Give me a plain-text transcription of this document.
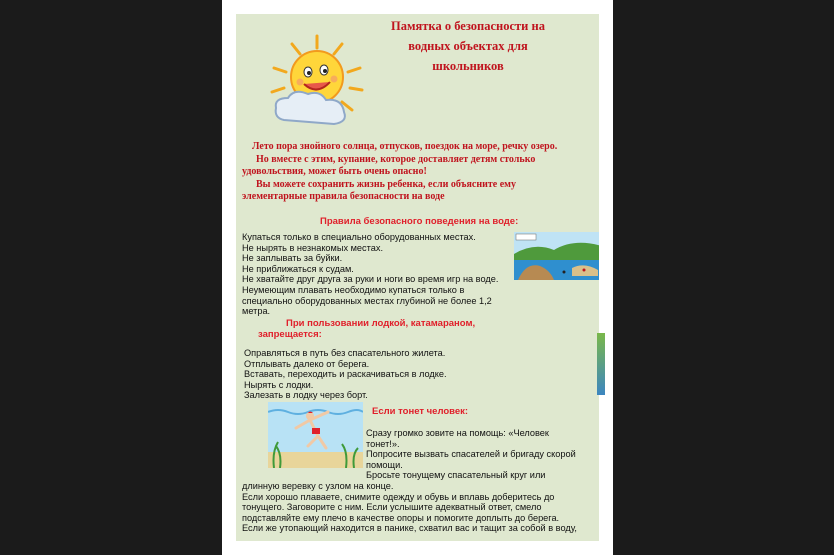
Памятка о безопасности на
водных объектах для
школьников

Лето пора знойного солнца, отпусков, поездок на море, речку озеро.

Но вместе с этим, купание, которое доставляет детям столько

удовольствия, может быть очень опасно!

Вы можете сохранить жизнь ребенка, если объясните ему

элементарные правила безопасности на воде

Правила безопасного поведения на воде:

Купаться только в специально оборудованных местах.

Не нырять в незнакомых местах.

Не заплывать за буйки.

Не приближаться к судам.

Не хватайте друг друга за руки и ноги во время игр на воде.

Неумеющим плавать необходимо купаться только в

специально оборудованных местах глубиной не более 1,2

метра.

При пользовании лодкой, катамараном,
запрещается:

Оправляться в путь без спасательного жилета.

Отплывать далеко от берега.

Вставать, переходить и раскачиваться в лодке.

Нырять с лодки.

Залезать в лодку через борт.

Если тонет человек:

Сразу громко зовите на помощь: «Человек

тонет!».

Попросите вызвать спасателей и бригаду скорой

помощи.

Бросьте тонущему спасательный круг или

длинную веревку с узлом на конце.

Если хорошо плаваете, снимите одежду и обувь и вплавь доберитесь до

тонущего. Заговорите с ним. Если услышите адекватный ответ, смело

подставляйте ему плечо в качестве опоры и помогите доплыть до берега.

Если же утопающий находится в панике, схватил вас и тащит за собой в воду,
